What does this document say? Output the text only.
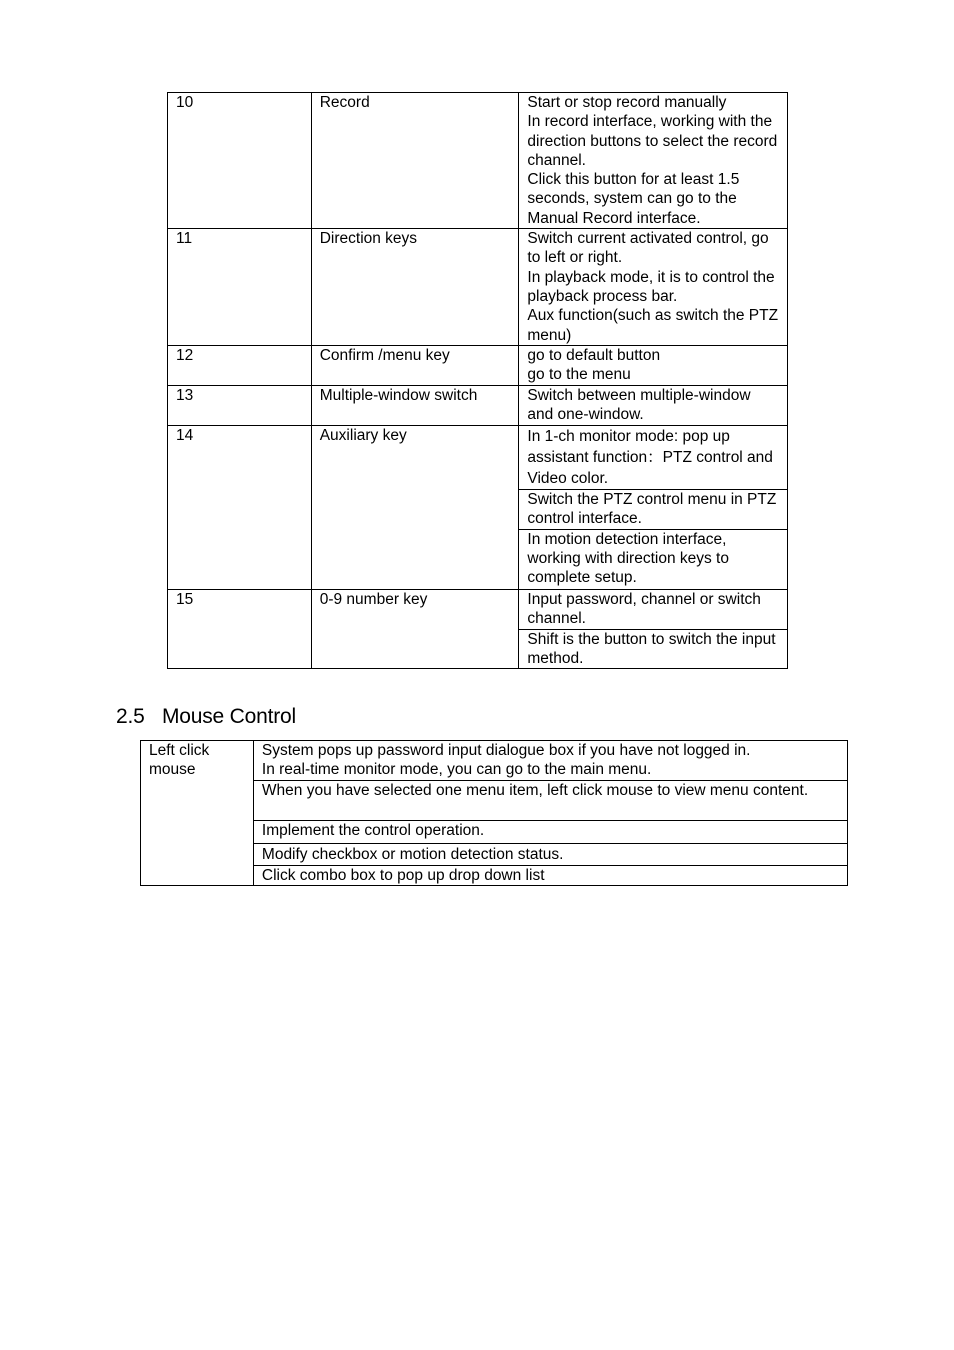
10	Record	Start or stop record manually
In record interface, working with the direction buttons to select the record channel.
Click this button for at least 1.5 seconds, system can go to the Manual Record interface.
11	Direction keys	Switch current activated control, go to left or right.
In playback mode, it is to control the playback process bar.
Aux function(such as switch the PTZ menu)
12	Confirm /menu key	go to default button
go to the menu
13	Multiple-window switch	Switch between multiple-window and one-window.
14	Auxiliary key	In 1-ch monitor mode: pop up assistant function：PTZ control and Video color.
		Switch the PTZ control menu in PTZ control interface.
		In motion detection interface, working with direction keys to complete setup.
15	0-9 number key	Input password, channel or switch channel.
		Shift is the button to switch the input method.
2.5 Mouse Control
Left click mouse	System pops up password input dialogue box if you have not logged in.
In real-time monitor mode, you can go to the main menu.
When you have selected one menu item, left click mouse to view menu content.
Implement the control operation.
Modify checkbox or motion detection status.
Click combo box to pop up drop down list
